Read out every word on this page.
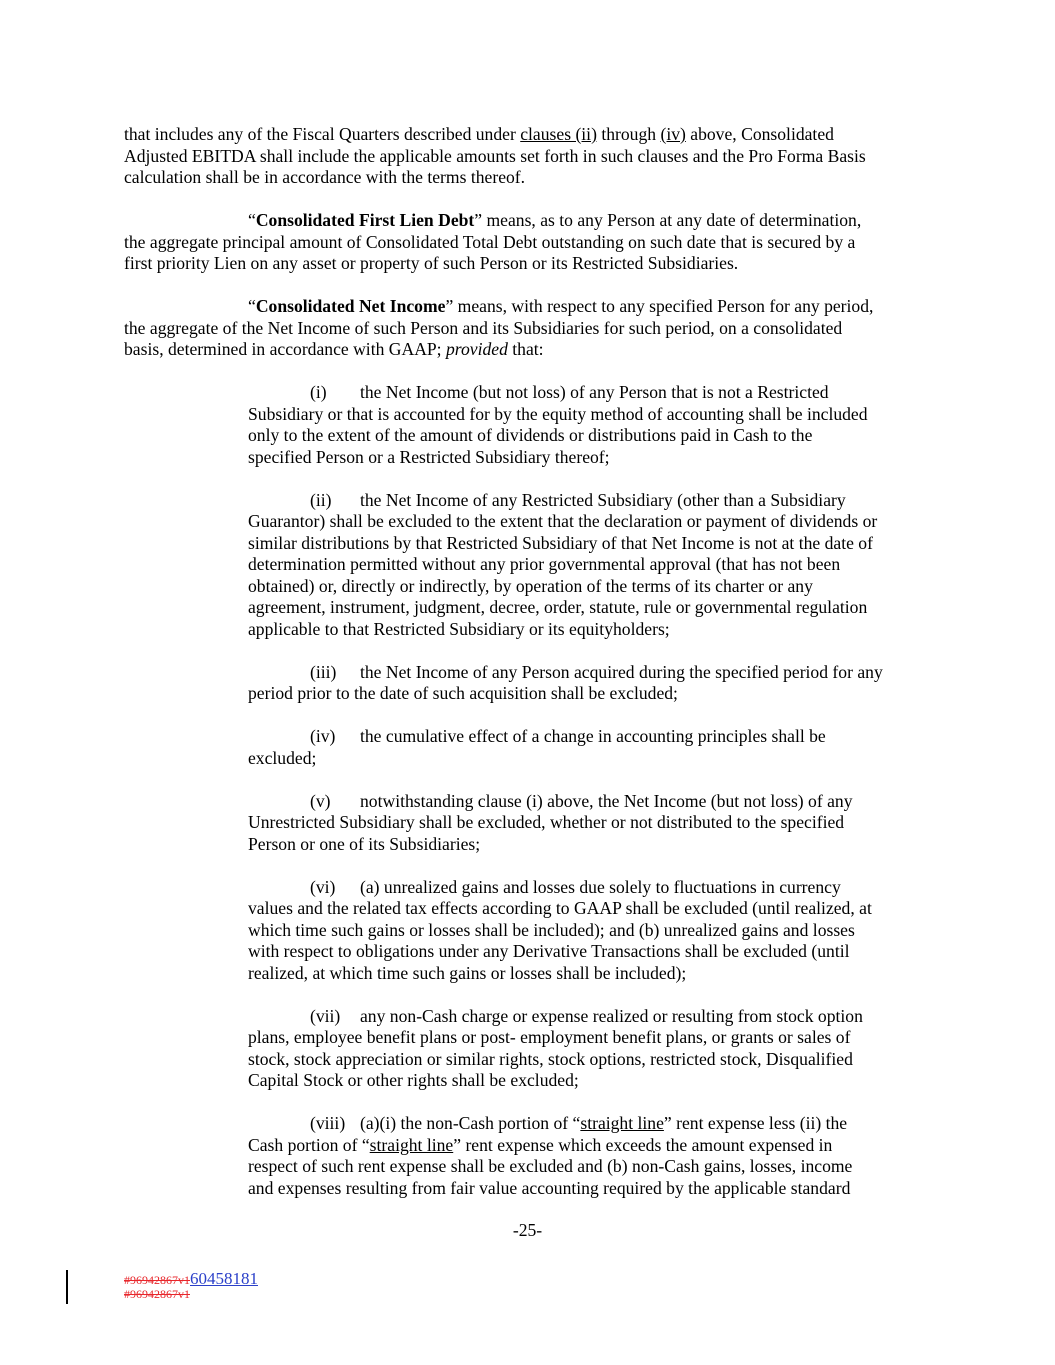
that includes any of the Fiscal Quarters described under clauses (ii) through (iv) above, Consolidated
Adjusted EBITDA shall include the applicable amounts set forth in such clauses and the Pro Forma Basis
calculation shall be in accordance with the terms thereof.
“Consolidated First Lien Debt” means, as to any Person at any date of determination,
the aggregate principal amount of Consolidated Total Debt outstanding on such date that is secured by a
first priority Lien on any asset or property of such Person or its Restricted Subsidiaries.
“Consolidated Net Income” means, with respect to any specified Person for any period,
the aggregate of the Net Income of such Person and its Subsidiaries for such period, on a consolidated
basis, determined in accordance with GAAP; provided that:
(i) the Net Income (but not loss) of any Person that is not a Restricted
Subsidiary or that is accounted for by the equity method of accounting shall be included
only to the extent of the amount of dividends or distributions paid in Cash to the
specified Person or a Restricted Subsidiary thereof;
(ii) the Net Income of any Restricted Subsidiary (other than a Subsidiary
Guarantor) shall be excluded to the extent that the declaration or payment of dividends or
similar distributions by that Restricted Subsidiary of that Net Income is not at the date of
determination permitted without any prior governmental approval (that has not been
obtained) or, directly or indirectly, by operation of the terms of its charter or any
agreement, instrument, judgment, decree, order, statute, rule or governmental regulation
applicable to that Restricted Subsidiary or its equityholders;
(iii) the Net Income of any Person acquired during the specified period for any
period prior to the date of such acquisition shall be excluded;
(iv) the cumulative effect of a change in accounting principles shall be
excluded;
(v) notwithstanding clause (i) above, the Net Income (but not loss) of any
Unrestricted Subsidiary shall be excluded, whether or not distributed to the specified
Person or one of its Subsidiaries;
(vi) (a) unrealized gains and losses due solely to fluctuations in currency
values and the related tax effects according to GAAP shall be excluded (until realized, at
which time such gains or losses shall be included); and (b) unrealized gains and losses
with respect to obligations under any Derivative Transactions shall be excluded (until
realized, at which time such gains or losses shall be included);
(vii) any non-Cash charge or expense realized or resulting from stock option
plans, employee benefit plans or post- employment benefit plans, or grants or sales of
stock, stock appreciation or similar rights, stock options, restricted stock, Disqualified
Capital Stock or other rights shall be excluded;
(viii) (a)(i) the non-Cash portion of “straight line” rent expense less (ii) the
Cash portion of “straight line” rent expense which exceeds the amount expensed in
respect of such rent expense shall be excluded and (b) non-Cash gains, losses, income
and expenses resulting from fair value accounting required by the applicable standard
-25-
#96942867v160458181
#96942867v1
